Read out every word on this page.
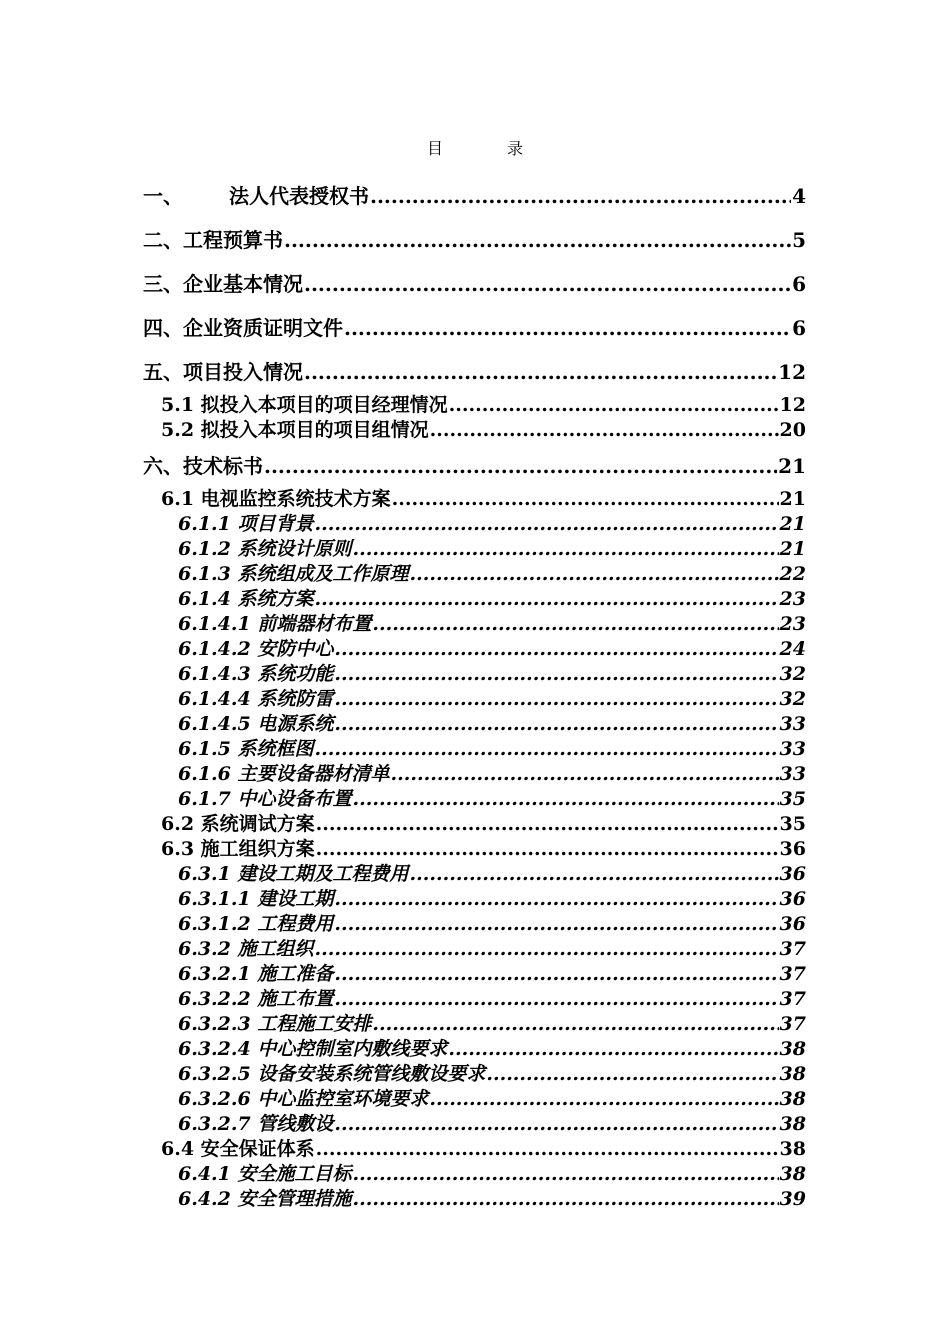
目	录
一、 法人代表授权书 .....	4
二、工程预算书 .....	5
三、企业基本情况 .....	6
四、企业资质证明文件 .....	6
五、项目投入情况 .....	12
5.1 拟投入本项目的项目经理情况 .....	12
5.2 拟投入本项目的项目组情况 .....	20
六、技术标书 .....	21
6.1 电视监控系统技术方案 .....	21
6.1.1 项目背景 .....	21
6.1.2 系统设计原则 .....	21
6.1.3 系统组成及工作原理 .....	22
6.1.4 系统方案 .....	23
6.1.4.1 前端器材布置 .....	23
6.1.4.2 安防中心 .....	24
6.1.4.3 系统功能 .....	32
6.1.4.4 系统防雷 .....	32
6.1.4.5 电源系统 .....	33
6.1.5 系统框图 .....	33
6.1.6 主要设备器材清单 .....	33
6.1.7 中心设备布置 .....	35
6.2 系统调试方案 .....	35
6.3 施工组织方案 .....	36
6.3.1 建设工期及工程费用 .....	36
6.3.1.1 建设工期 .....	36
6.3.1.2 工程费用 .....	36
6.3.2 施工组织 .....	37
6.3.2.1 施工准备 .....	37
6.3.2.2 施工布置 .....	37
6.3.2.3 工程施工安排 .....	37
6.3.2.4 中心控制室内敷线要求 .....	38
6.3.2.5 设备安装系统管线敷设要求 .....	38
6.3.2.6 中心监控室环境要求 .....	38
6.3.2.7 管线敷设 .....	38
6.4 安全保证体系 .....	38
6.4.1 安全施工目标 .....	38
6.4.2 安全管理措施 .....	39
